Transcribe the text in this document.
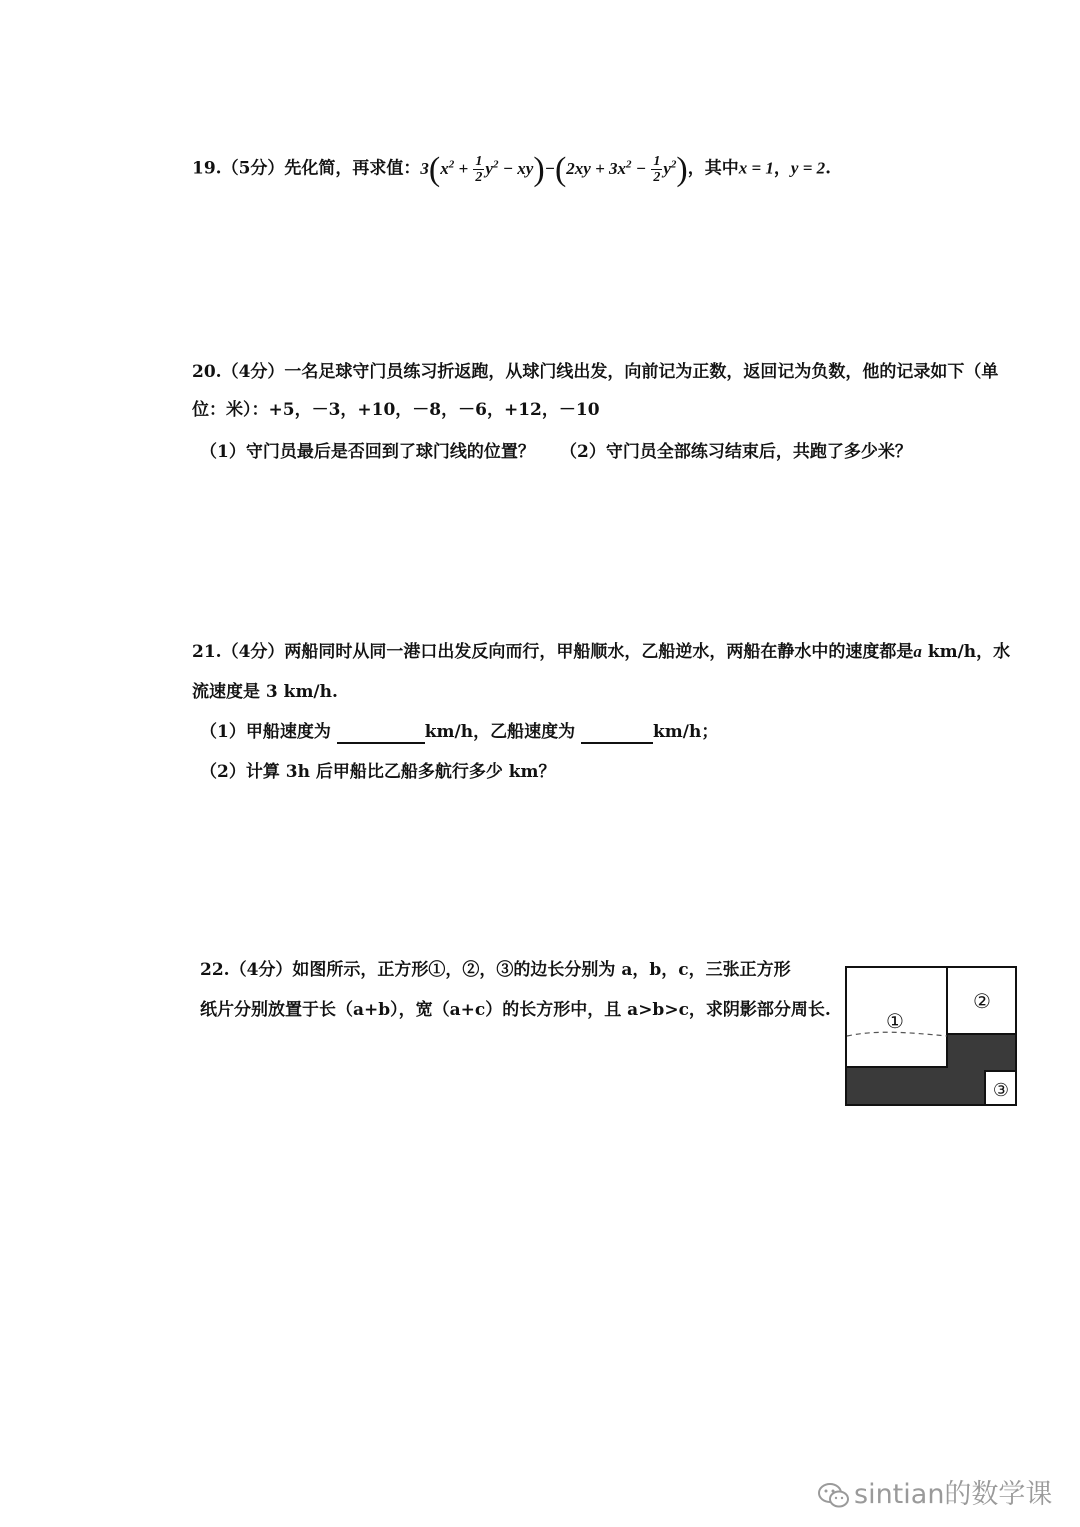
19.（5分）先化简，再求值：$3(x^2 + \frac{1}{2} y^2 - xy)-(2xy + 3x^2 - \frac{1}{2} y^2)$，其中x = 1，y = 2.
20.（4分）一名足球守门员练习折返跑，从球门线出发，向前记为正数，返回记为负数，他的记录如下（单
位：米）：+5，－3，+10，－8，－6，+12，－10
（1）守门员最后是否回到了球门线的位置？ （2）守门员全部练习结束后，共跑了多少米？
21.（4分）两船同时从同一港口出发反向而行，甲船顺水，乙船逆水，两船在静水中的速度都是a km/h，水
流速度是 3 km/h.
（1）甲船速度为	km/h，乙船速度为	km/h；
（2）计算 3h 后甲船比乙船多航行多少 km？
22.（4分）如图所示，正方形①，②，③的边长分别为 a，b，c，三张正方形
纸片分别放置于长（a+b），宽（a+c）的长方形中，且 a>b>c，求阴影部分周长.	①
②
③
sintian的数学课
